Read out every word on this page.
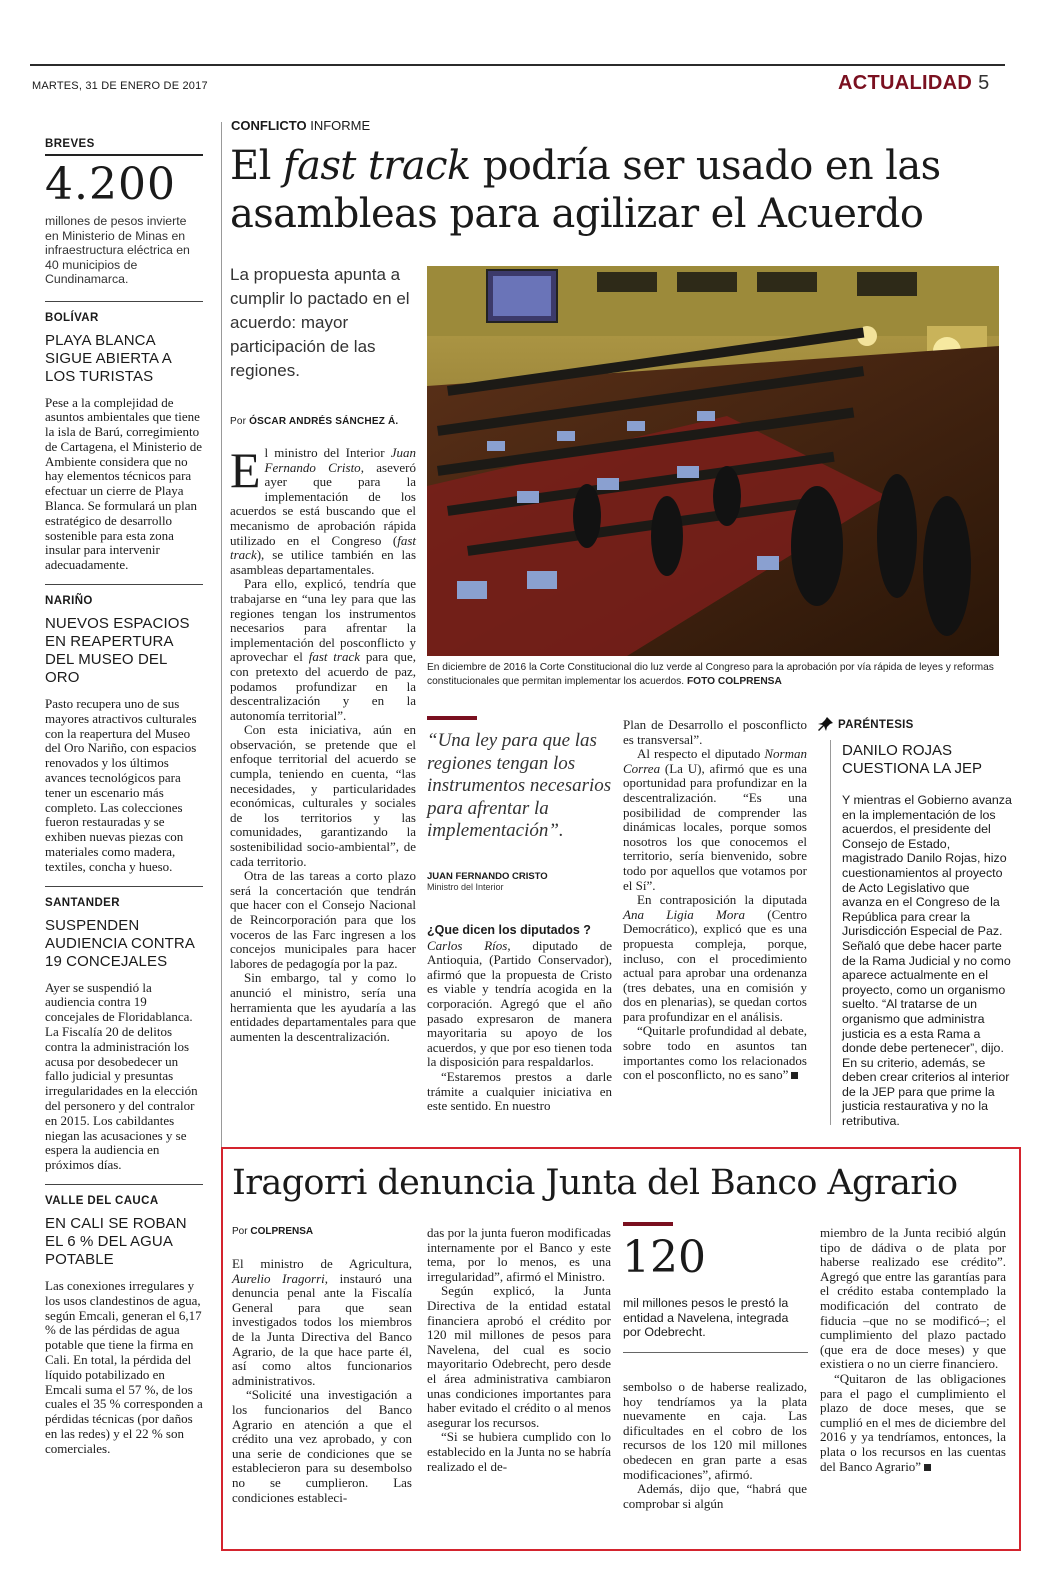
MARTES, 31 DE ENERO DE 2017	ACTUALIDAD 5
BREVES
4.200
millones de pesos invierte en Ministerio de Minas en infraestructura eléctrica en 40 municipios de Cundinamarca.
BOLÍVAR
PLAYA BLANCA SIGUE ABIERTA A LOS TURISTAS
Pese a la complejidad de asuntos ambientales que tiene la isla de Barú, corregimiento de Cartagena, el Ministerio de Ambiente considera que no hay elementos técnicos para efectuar un cierre de Playa Blanca. Se formulará un plan estratégico de desarrollo sostenible para esta zona insular para intervenir adecuadamente.
NARIÑO
NUEVOS ESPACIOS EN REAPERTURA DEL MUSEO DEL ORO
Pasto recupera uno de sus mayores atractivos culturales con la reapertura del Museo del Oro Nariño, con espacios renovados y los últimos avances tecnológicos para tener un escenario más completo. Las colecciones fueron restauradas y se exhiben nuevas piezas con materiales como madera, textiles, concha y hueso.
SANTANDER
SUSPENDEN AUDIENCIA CONTRA 19 CONCEJALES
Ayer se suspendió la audiencia contra 19 concejales de Floridablanca. La Fiscalía 20 de delitos contra la administración los acusa por desobedecer un fallo judicial y presuntas irregularidades en la elección del personero y del contralor en 2015. Los cabildantes niegan las acusaciones y se espera la audiencia en próximos días.
VALLE DEL CAUCA
EN CALI SE ROBAN EL 6 % DEL AGUA POTABLE
Las conexiones irregulares y los usos clandestinos de agua, según Emcali, generan el 6,17 % de las pérdidas de agua potable que tiene la firma en Cali. En total, la pérdida del líquido potabilizado en Emcali suma el 57 %, de los cuales el 35 % corresponden a pérdidas técnicas (por daños en las redes) y el 22 % son comerciales.
CONFLICTO INFORME
El fast track podría ser usado en las asambleas para agilizar el Acuerdo
La propuesta apunta a cumplir lo pactado en el acuerdo: mayor participación de las regiones.
Por ÓSCAR ANDRÉS SÁNCHEZ Á.
En diciembre de 2016 la Corte Constitucional dio luz verde al Congreso para la aprobación por vía rápida de leyes y reformas constitucionales que permitan implementar los acuerdos. FOTO COLPRENSA

El ministro del Interior Juan Fernando Cristo, aseveró ayer que para la implementación de los acuerdos se está buscando que el mecanismo de aprobación rápida utilizado en el Congreso (fast track), se utilice también en las asambleas departamentales.

Para ello, explicó, tendría que trabajarse en “una ley para que las regiones tengan los instrumentos necesarios para afrentar la implementación del posconflicto y aprovechar el fast track para que, con pretexto del acuerdo de paz, podamos profundizar en la descentralización y en la autonomía territorial”.

Con esta iniciativa, aún en observación, se pretende que el enfoque territorial del acuerdo se cumpla, teniendo en cuenta, “las necesidades, y particularidades económicas, culturales y sociales de los territorios y las comunidades, garantizando la sostenibilidad socio-ambiental”, de cada territorio.

Otra de las tareas a corto plazo será la concertación que tendrán que hacer con el Consejo Nacional de Reincorporación para que los voceros de las Farc ingresen a los concejos municipales para hacer labores de pedagogía por la paz.

Sin embargo, tal y como lo anunció el ministro, sería una herramienta que les ayudaría a las entidades departamentales para que aumenten la descentralización.

“Una ley para que las regiones tengan los instrumentos necesarios para afrentar la implementación”.
JUAN FERNANDO CRISTO
Ministro del Interior
¿Que dicen los diputados ?

Carlos Ríos, diputado de Antioquia, (Partido Conservador), afirmó que la propuesta de Cristo es viable y tendría acogida en la corporación. Agregó que el año pasado expresaron de manera mayoritaria su apoyo de los acuerdos, y que por eso tienen toda la disposición para respaldarlos.

“Estaremos prestos a darle trámite a cualquier iniciativa en este sentido. En nuestro

Plan de Desarrollo el posconflicto es transversal”.

Al respecto el diputado Norman Correa (La U), afirmó que es una oportunidad para profundizar en la descentralización. “Es una posibilidad de comprender las dinámicas locales, porque somos nosotros los que conocemos el territorio, sería bienvenido, sobre todo por aquellos que votamos por el Sí”.

En contraposición la diputada Ana Ligia Mora (Centro Democrático), explicó que es una propuesta compleja, porque, incluso, con el procedimiento actual para aprobar una ordenanza (tres debates, una en comisión y dos en plenarias), se quedan cortos para profundizar en el análisis.

“Quitarle profundidad al debate, sobre todo en asuntos tan importantes como los relacionados con el posconflicto, no es sano”

PARÉNTESIS
DANILO ROJAS CUESTIONA LA JEP
Y mientras el Gobierno avanza en la implementación de los acuerdos, el presidente del Consejo de Estado, magistrado Danilo Rojas, hizo cuestionamientos al proyecto de Acto Legislativo que avanza en el Congreso de la República para crear la Jurisdicción Especial de Paz. Señaló que debe hacer parte de la Rama Judicial y no como aparece actualmente en el proyecto, como un organismo suelto. “Al tratarse de un organismo que administra justicia es a esta Rama a donde debe pertenecer”, dijo. En su criterio, además, se deben crear criterios al interior de la JEP para que prime la justicia restaurativa y no la retributiva.
Iragorri denuncia Junta del Banco Agrario
Por COLPRENSA

El ministro de Agricultura, Aurelio Iragorri, instauró una denuncia penal ante la Fiscalía General para que sean investigados todos los miembros de la Junta Directiva del Banco Agrario, de la que hace parte él, así como altos funcionarios administrativos.

“Solicité una investigación a los funcionarios del Banco Agrario en atención a que el crédito una vez aprobado, y con una serie de condiciones que se establecieron para su desembolso no se cumplieron. Las condiciones estableci-

das por la junta fueron modificadas internamente por el Banco y este tema, por lo menos, es una irregularidad”, afirmó el Ministro.

Según explicó, la Junta Directiva de la entidad estatal financiera aprobó el crédito por 120 mil millones de pesos para Navelena, del cual es socio mayoritario Odebrecht, pero desde el área administrativa cambiaron unas condiciones importantes para haber evitado el crédito o al menos asegurar los recursos.

“Si se hubiera cumplido con lo establecido en la Junta no se habría realizado el de-

120
mil millones pesos le prestó la entidad a Navelena, integrada por Odebrecht.

sembolso o de haberse realizado, hoy tendríamos ya la plata nuevamente en caja. Las dificultades en el cobro de los recursos de los 120 mil millones obedecen en gran parte a esas modificaciones”, afirmó.

Además, dijo que, “habrá que comprobar si algún

miembro de la Junta recibió algún tipo de dádiva o de plata por haberse realizado ese crédito”. Agregó que entre las garantías para el crédito estaba contemplado la modificación del contrato de fiducia –que no se modificó–; el cumplimiento del plazo pactado (que era de doce meses) y que existiera o no un cierre financiero.

“Quitaron de las obligaciones para el pago el cumplimiento el plazo de doce meses, que se cumplió en el mes de diciembre del 2016 y ya tendríamos, entonces, la plata o los recursos en las cuentas del Banco Agrario”
